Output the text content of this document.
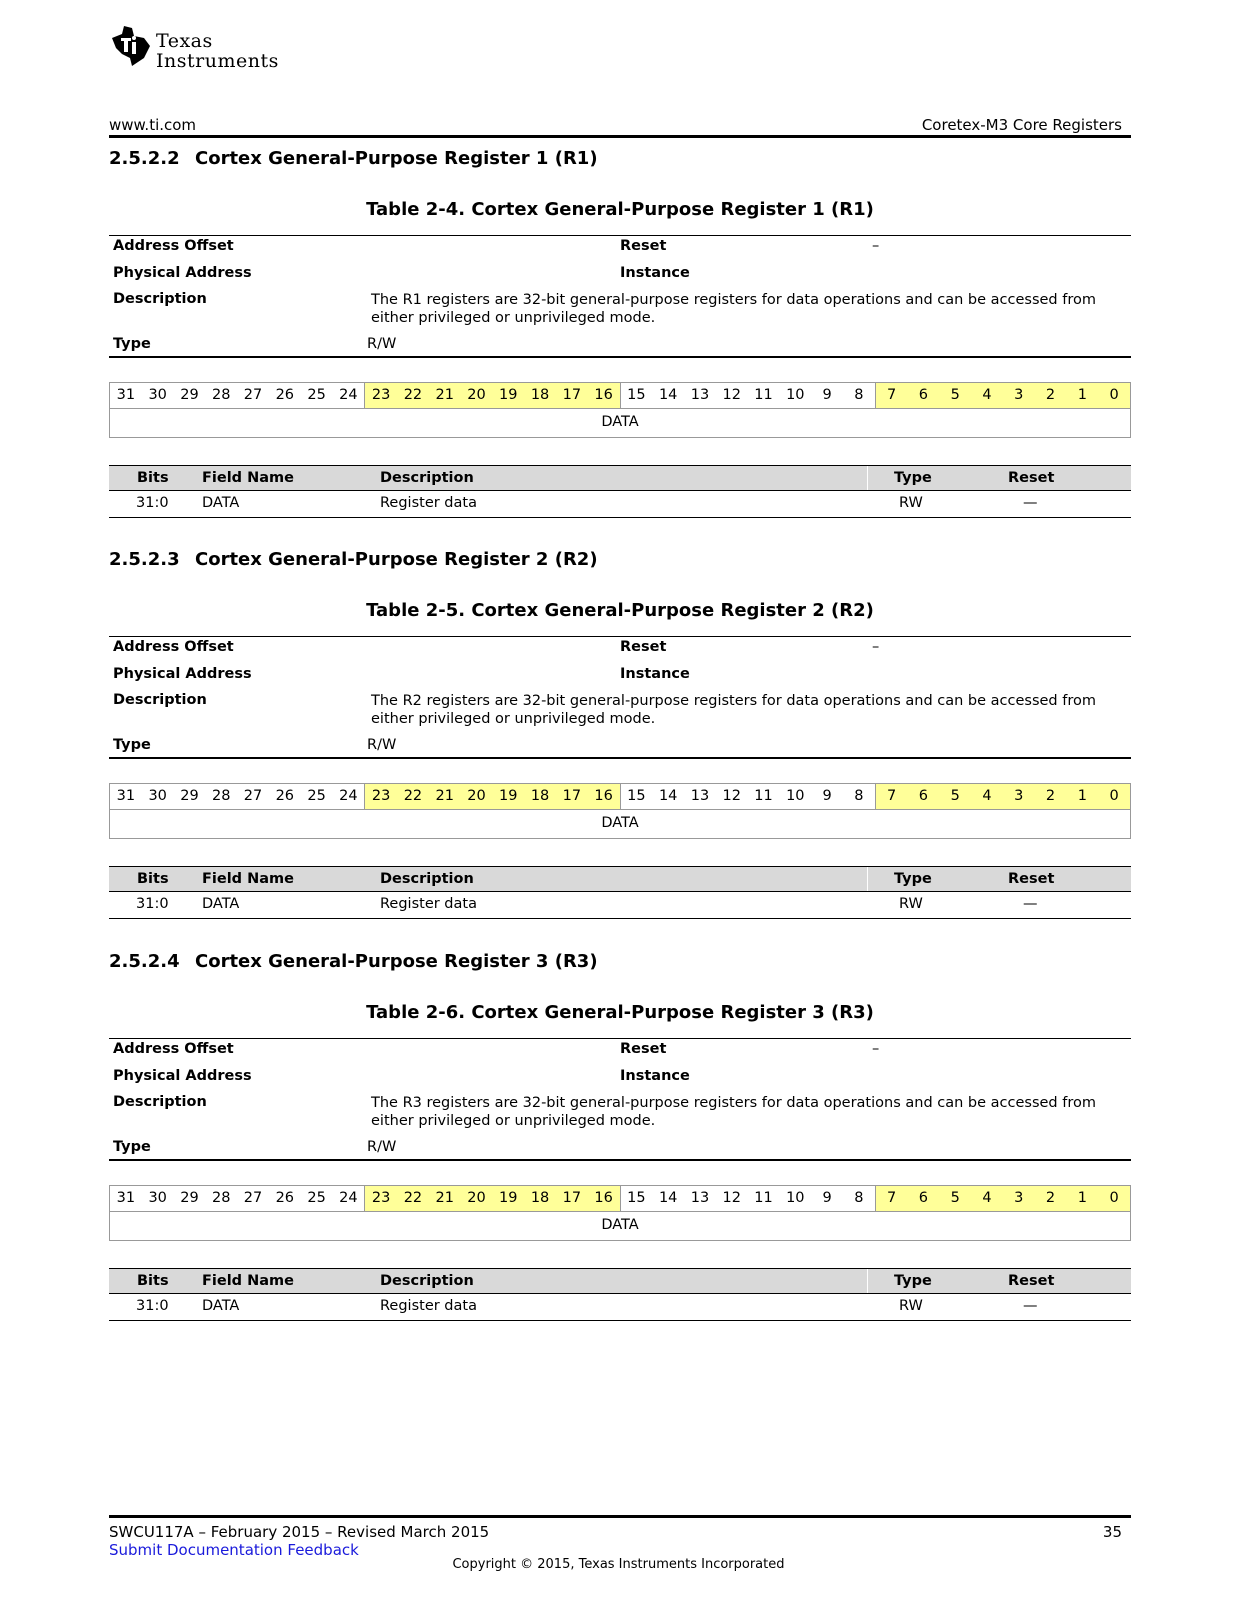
Texas
Instruments
www.ti.com	Coretex-M3 Core Registers
2.5.2.2 Cortex General-Purpose Register 1 (R1)
Table 2-4. Cortex General-Purpose Register 1 (R1)
Address Offset	Reset	–
Physical Address	Instance
Description	The R1 registers are 32-bit general-purpose registers for data operations and can be accessed from either privileged or unprivileged mode.
Type	R/W
31 30 29 28 27 26 25 24 23 22 21 20 19 18 17 16 15 14 13 12 11 10	9	8	7	6	5	4	3	2	1	0
DATA
Bits Field Name	Description	Type	Reset
31:0 DATA	Register data	RW	—
2.5.2.3 Cortex General-Purpose Register 2 (R2)
Table 2-5. Cortex General-Purpose Register 2 (R2)
Address Offset	Reset	–
Physical Address	Instance
Description	The R2 registers are 32-bit general-purpose registers for data operations and can be accessed from either privileged or unprivileged mode.
Type	R/W
31 30 29 28 27 26 25 24 23 22 21 20 19 18 17 16 15 14 13 12 11 10	9	8	7	6	5	4	3	2	1	0
DATA
Bits Field Name	Description	Type	Reset
31:0 DATA	Register data	RW	—
2.5.2.4 Cortex General-Purpose Register 3 (R3)
Table 2-6. Cortex General-Purpose Register 3 (R3)
Address Offset	Reset	–
Physical Address	Instance
Description	The R3 registers are 32-bit general-purpose registers for data operations and can be accessed from either privileged or unprivileged mode.
Type	R/W
31 30 29 28 27 26 25 24 23 22 21 20 19 18 17 16 15 14 13 12 11 10	9	8	7	6	5	4	3	2	1	0
DATA
Bits Field Name	Description	Type	Reset
31:0 DATA	Register data	RW	—
SWCU117A – February 2015 – Revised March 2015
Submit Documentation Feedback
35
Copyright © 2015, Texas Instruments Incorporated
